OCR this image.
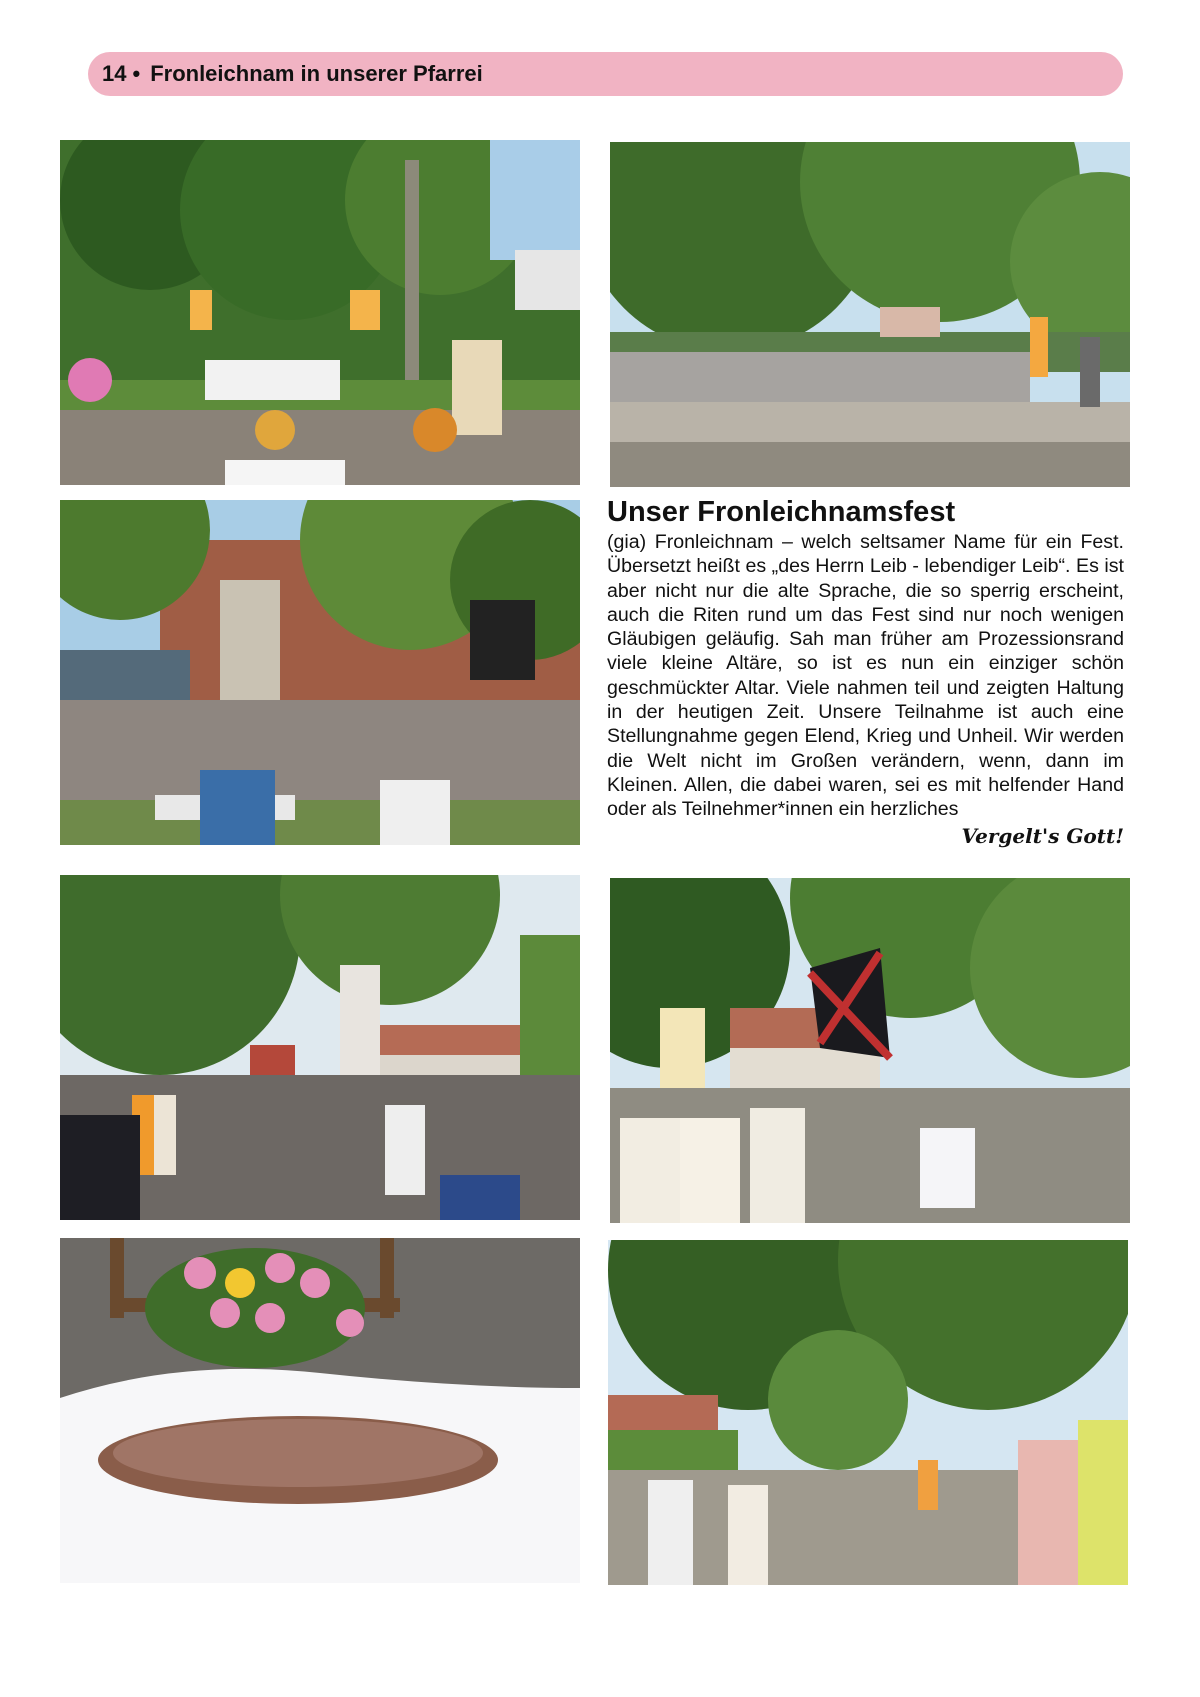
14 • Fronleichnam in unserer Pfarrei
Unser Fronleichnamsfest

(gia) Fronleichnam – welch seltsamer Name für ein Fest. Übersetzt heißt es „des Herrn Leib - lebendiger Leib“. Es ist aber nicht nur die alte Sprache, die so sperrig erscheint, auch die Riten rund um das Fest sind nur noch wenigen Gläubigen geläufig. Sah man früher am Prozessionsrand viele kleine Altäre, so ist es nun ein einziger schön geschmückter Altar. Viele nahmen teil und zeigten Haltung in der heutigen Zeit. Unsere Teilnahme ist auch eine Stellungnahme gegen Elend, Krieg und Unheil. Wir werden die Welt nicht im Großen verändern, wenn, dann im Kleinen. Allen, die dabei waren, sei es mit helfender Hand oder als Teilnehmer*innen ein herzliches

Vergelt's Gott!
